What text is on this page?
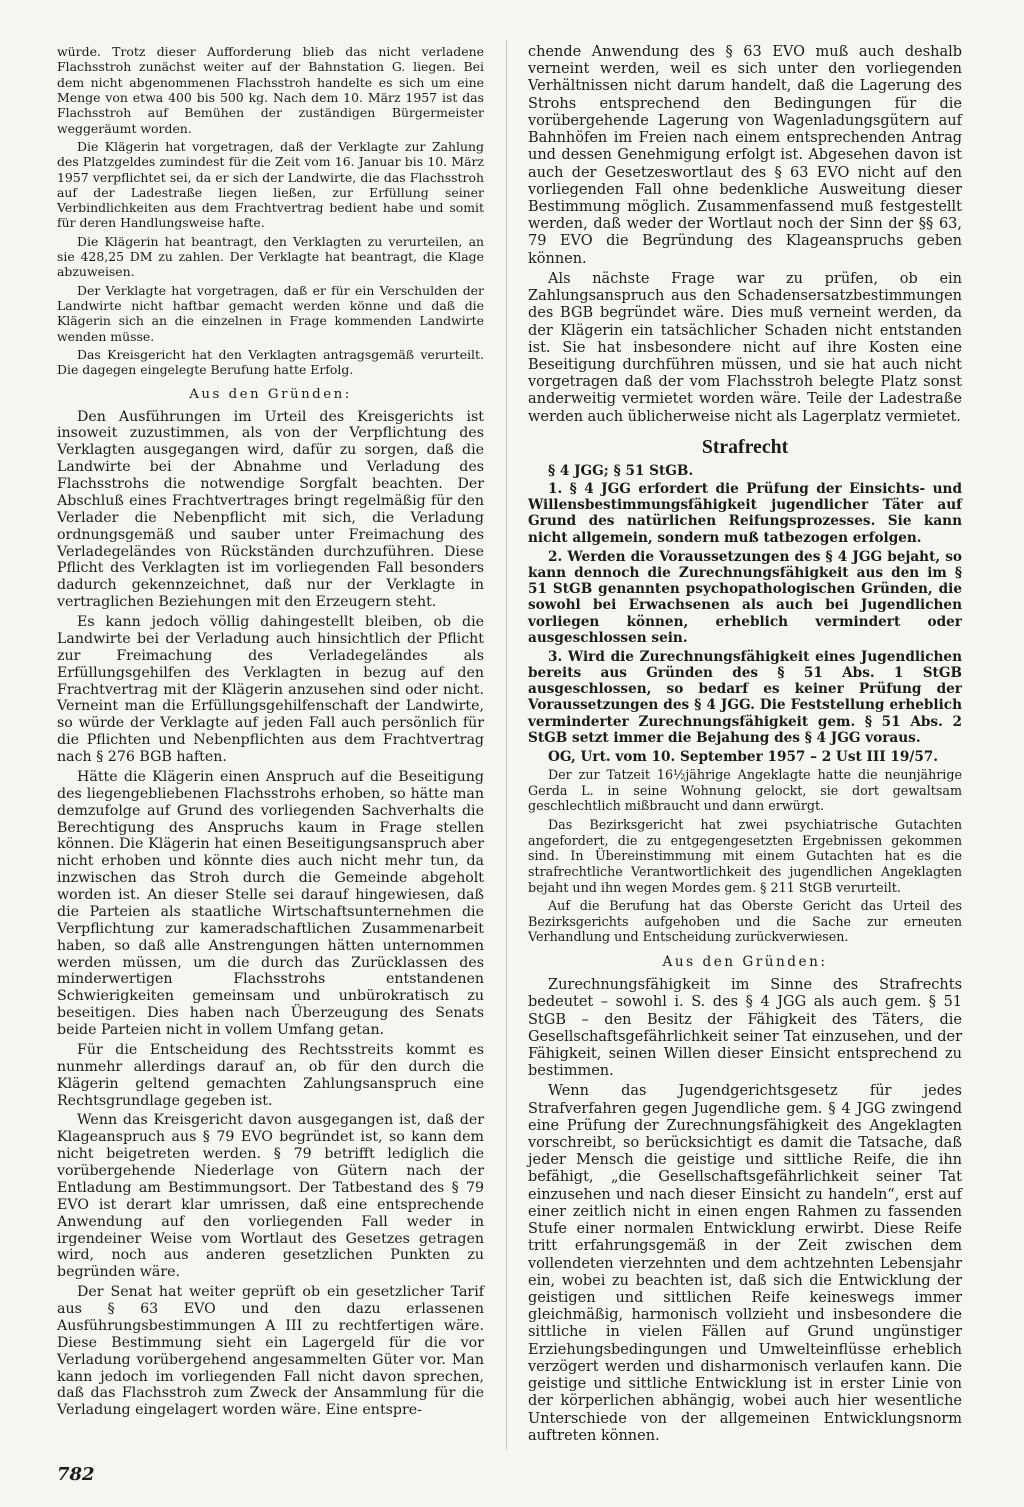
würde. Trotz dieser Aufforderung blieb das nicht verladene Flachsstroh zunächst weiter auf der Bahnstation G. liegen. Bei dem nicht abgenommenen Flachsstroh handelte es sich um eine Menge von etwa 400 bis 500 kg. Nach dem 10. März 1957 ist das Flachsstroh auf Bemühen der zuständigen Bürgermeister weggeräumt worden.

Die Klägerin hat vorgetragen, daß der Verklagte zur Zahlung des Platzgeldes zumindest für die Zeit vom 16. Januar bis 10. März 1957 verpflichtet sei, da er sich der Landwirte, die das Flachsstroh auf der Ladestraße liegen ließen, zur Erfüllung seiner Verbindlichkeiten aus dem Frachtvertrag bedient habe und somit für deren Handlungsweise hafte.

Die Klägerin hat beantragt, den Verklagten zu verurteilen, an sie 428,25 DM zu zahlen. Der Verklagte hat beantragt, die Klage abzuweisen.

Der Verklagte hat vorgetragen, daß er für ein Verschulden der Landwirte nicht haftbar gemacht werden könne und daß die Klägerin sich an die einzelnen in Frage kommenden Landwirte wenden müsse.

Das Kreisgericht hat den Verklagten antragsgemäß verurteilt. Die dagegen eingelegte Berufung hatte Erfolg.

Aus den Gründen:

Den Ausführungen im Urteil des Kreisgerichts ist insoweit zuzustimmen, als von der Verpflichtung des Verklagten ausgegangen wird, dafür zu sorgen, daß die Landwirte bei der Abnahme und Verladung des Flachsstrohs die notwendige Sorgfalt beachten. Der Abschluß eines Frachtvertrages bringt regelmäßig für den Verlader die Nebenpflicht mit sich, die Verladung ordnungsgemäß und sauber unter Freimachung des Verladegeländes von Rückständen durchzuführen. Diese Pflicht des Verklagten ist im vorliegenden Fall besonders dadurch gekennzeichnet, daß nur der Verklagte in vertraglichen Beziehungen mit den Erzeugern steht.

Es kann jedoch völlig dahingestellt bleiben, ob die Landwirte bei der Verladung auch hinsichtlich der Pflicht zur Freimachung des Verladegeländes als Erfüllungsgehilfen des Verklagten in bezug auf den Frachtvertrag mit der Klägerin anzusehen sind oder nicht. Verneint man die Erfüllungsgehilfenschaft der Landwirte, so würde der Verklagte auf jeden Fall auch persönlich für die Pflichten und Nebenpflichten aus dem Frachtvertrag nach § 276 BGB haften.

Hätte die Klägerin einen Anspruch auf die Beseitigung des liegengebliebenen Flachsstrohs erhoben, so hätte man demzufolge auf Grund des vorliegenden Sachverhalts die Berechtigung des Anspruchs kaum in Frage stellen können. Die Klägerin hat einen Beseitigungsanspruch aber nicht erhoben und könnte dies auch nicht mehr tun, da inzwischen das Stroh durch die Gemeinde abgeholt worden ist. An dieser Stelle sei darauf hingewiesen, daß die Parteien als staatliche Wirtschaftsunternehmen die Verpflichtung zur kameradschaftlichen Zusammenarbeit haben, so daß alle Anstrengungen hätten unternommen werden müssen, um die durch das Zurücklassen des minderwertigen Flachsstrohs entstandenen Schwierigkeiten gemeinsam und unbürokratisch zu beseitigen. Dies haben nach Überzeugung des Senats beide Parteien nicht in vollem Umfang getan.

Für die Entscheidung des Rechtsstreits kommt es nunmehr allerdings darauf an, ob für den durch die Klägerin geltend gemachten Zahlungsanspruch eine Rechtsgrundlage gegeben ist.

Wenn das Kreisgericht davon ausgegangen ist, daß der Klageanspruch aus § 79 EVO begründet ist, so kann dem nicht beigetreten werden. § 79 betrifft lediglich die vorübergehende Niederlage von Gütern nach der Entladung am Bestimmungsort. Der Tatbestand des § 79 EVO ist derart klar umrissen, daß eine entsprechende Anwendung auf den vorliegenden Fall weder in irgendeiner Weise vom Wortlaut des Gesetzes getragen wird, noch aus anderen gesetzlichen Punkten zu begründen wäre.

Der Senat hat weiter geprüft ob ein gesetzlicher Tarif aus § 63 EVO und den dazu erlassenen Ausführungsbestimmungen A III zu rechtfertigen wäre. Diese Bestimmung sieht ein Lagergeld für die vor Verladung vorübergehend angesammelten Güter vor. Man kann jedoch im vorliegenden Fall nicht davon sprechen, daß das Flachsstroh zum Zweck der Ansammlung für die Verladung eingelagert worden wäre. Eine entspre-

chende Anwendung des § 63 EVO muß auch deshalb verneint werden, weil es sich unter den vorliegenden Verhältnissen nicht darum handelt, daß die Lagerung des Strohs entsprechend den Bedingungen für die vorübergehende Lagerung von Wagenladungsgütern auf Bahnhöfen im Freien nach einem entsprechenden Antrag und dessen Genehmigung erfolgt ist. Abgesehen davon ist auch der Gesetzeswortlaut des § 63 EVO nicht auf den vorliegenden Fall ohne bedenkliche Ausweitung dieser Bestimmung möglich. Zusammenfassend muß festgestellt werden, daß weder der Wortlaut noch der Sinn der §§ 63, 79 EVO die Begründung des Klageanspruchs geben können.

Als nächste Frage war zu prüfen, ob ein Zahlungsanspruch aus den Schadensersatzbestimmungen des BGB begründet wäre. Dies muß verneint werden, da der Klägerin ein tatsächlicher Schaden nicht entstanden ist. Sie hat insbesondere nicht auf ihre Kosten eine Beseitigung durchführen müssen, und sie hat auch nicht vorgetragen daß der vom Flachsstroh belegte Platz sonst anderweitig vermietet worden wäre. Teile der Ladestraße werden auch üblicherweise nicht als Lagerplatz vermietet.

Strafrecht

§ 4 JGG; § 51 StGB.

1. § 4 JGG erfordert die Prüfung der Einsichts- und Willensbestimmungsfähigkeit jugendlicher Täter auf Grund des natürlichen Reifungsprozesses. Sie kann nicht allgemein, sondern muß tatbezogen erfolgen.

2. Werden die Voraussetzungen des § 4 JGG bejaht, so kann dennoch die Zurechnungsfähigkeit aus den im § 51 StGB genannten psychopathologischen Gründen, die sowohl bei Erwachsenen als auch bei Jugendlichen vorliegen können, erheblich vermindert oder ausgeschlossen sein.

3. Wird die Zurechnungsfähigkeit eines Jugendlichen bereits aus Gründen des § 51 Abs. 1 StGB ausgeschlossen, so bedarf es keiner Prüfung der Voraussetzungen des § 4 JGG. Die Feststellung erheblich verminderter Zurechnungsfähigkeit gem. § 51 Abs. 2 StGB setzt immer die Bejahung des § 4 JGG voraus.

OG, Urt. vom 10. September 1957 – 2 Ust III 19/57.

Der zur Tatzeit 16½jährige Angeklagte hatte die neunjährige Gerda L. in seine Wohnung gelockt, sie dort gewaltsam geschlechtlich mißbraucht und dann erwürgt.

Das Bezirksgericht hat zwei psychiatrische Gutachten angefordert, die zu entgegengesetzten Ergebnissen gekommen sind. In Übereinstimmung mit einem Gutachten hat es die strafrechtliche Verantwortlichkeit des jugendlichen Angeklagten bejaht und ihn wegen Mordes gem. § 211 StGB verurteilt.

Auf die Berufung hat das Oberste Gericht das Urteil des Bezirksgerichts aufgehoben und die Sache zur erneuten Verhandlung und Entscheidung zurückverwiesen.

Aus den Gründen:

Zurechnungsfähigkeit im Sinne des Strafrechts bedeutet – sowohl i. S. des § 4 JGG als auch gem. § 51 StGB – den Besitz der Fähigkeit des Täters, die Gesellschaftsgefährlichkeit seiner Tat einzusehen, und der Fähigkeit, seinen Willen dieser Einsicht entsprechend zu bestimmen.

Wenn das Jugendgerichtsgesetz für jedes Strafverfahren gegen Jugendliche gem. § 4 JGG zwingend eine Prüfung der Zurechnungsfähigkeit des Angeklagten vorschreibt, so berücksichtigt es damit die Tatsache, daß jeder Mensch die geistige und sittliche Reife, die ihn befähigt, „die Gesellschaftsgefährlichkeit seiner Tat einzusehen und nach dieser Einsicht zu handeln“, erst auf einer zeitlich nicht in einen engen Rahmen zu fassenden Stufe einer normalen Entwicklung erwirbt. Diese Reife tritt erfahrungsgemäß in der Zeit zwischen dem vollendeten vierzehnten und dem achtzehnten Lebensjahr ein, wobei zu beachten ist, daß sich die Entwicklung der geistigen und sittlichen Reife keineswegs immer gleichmäßig, harmonisch vollzieht und insbesondere die sittliche in vielen Fällen auf Grund ungünstiger Erziehungsbedingungen und Umwelteinflüsse erheblich verzögert werden und disharmonisch verlaufen kann. Die geistige und sittliche Entwicklung ist in erster Linie von der körperlichen abhängig, wobei auch hier wesentliche Unterschiede von der allgemeinen Entwicklungsnorm auftreten können.

782
